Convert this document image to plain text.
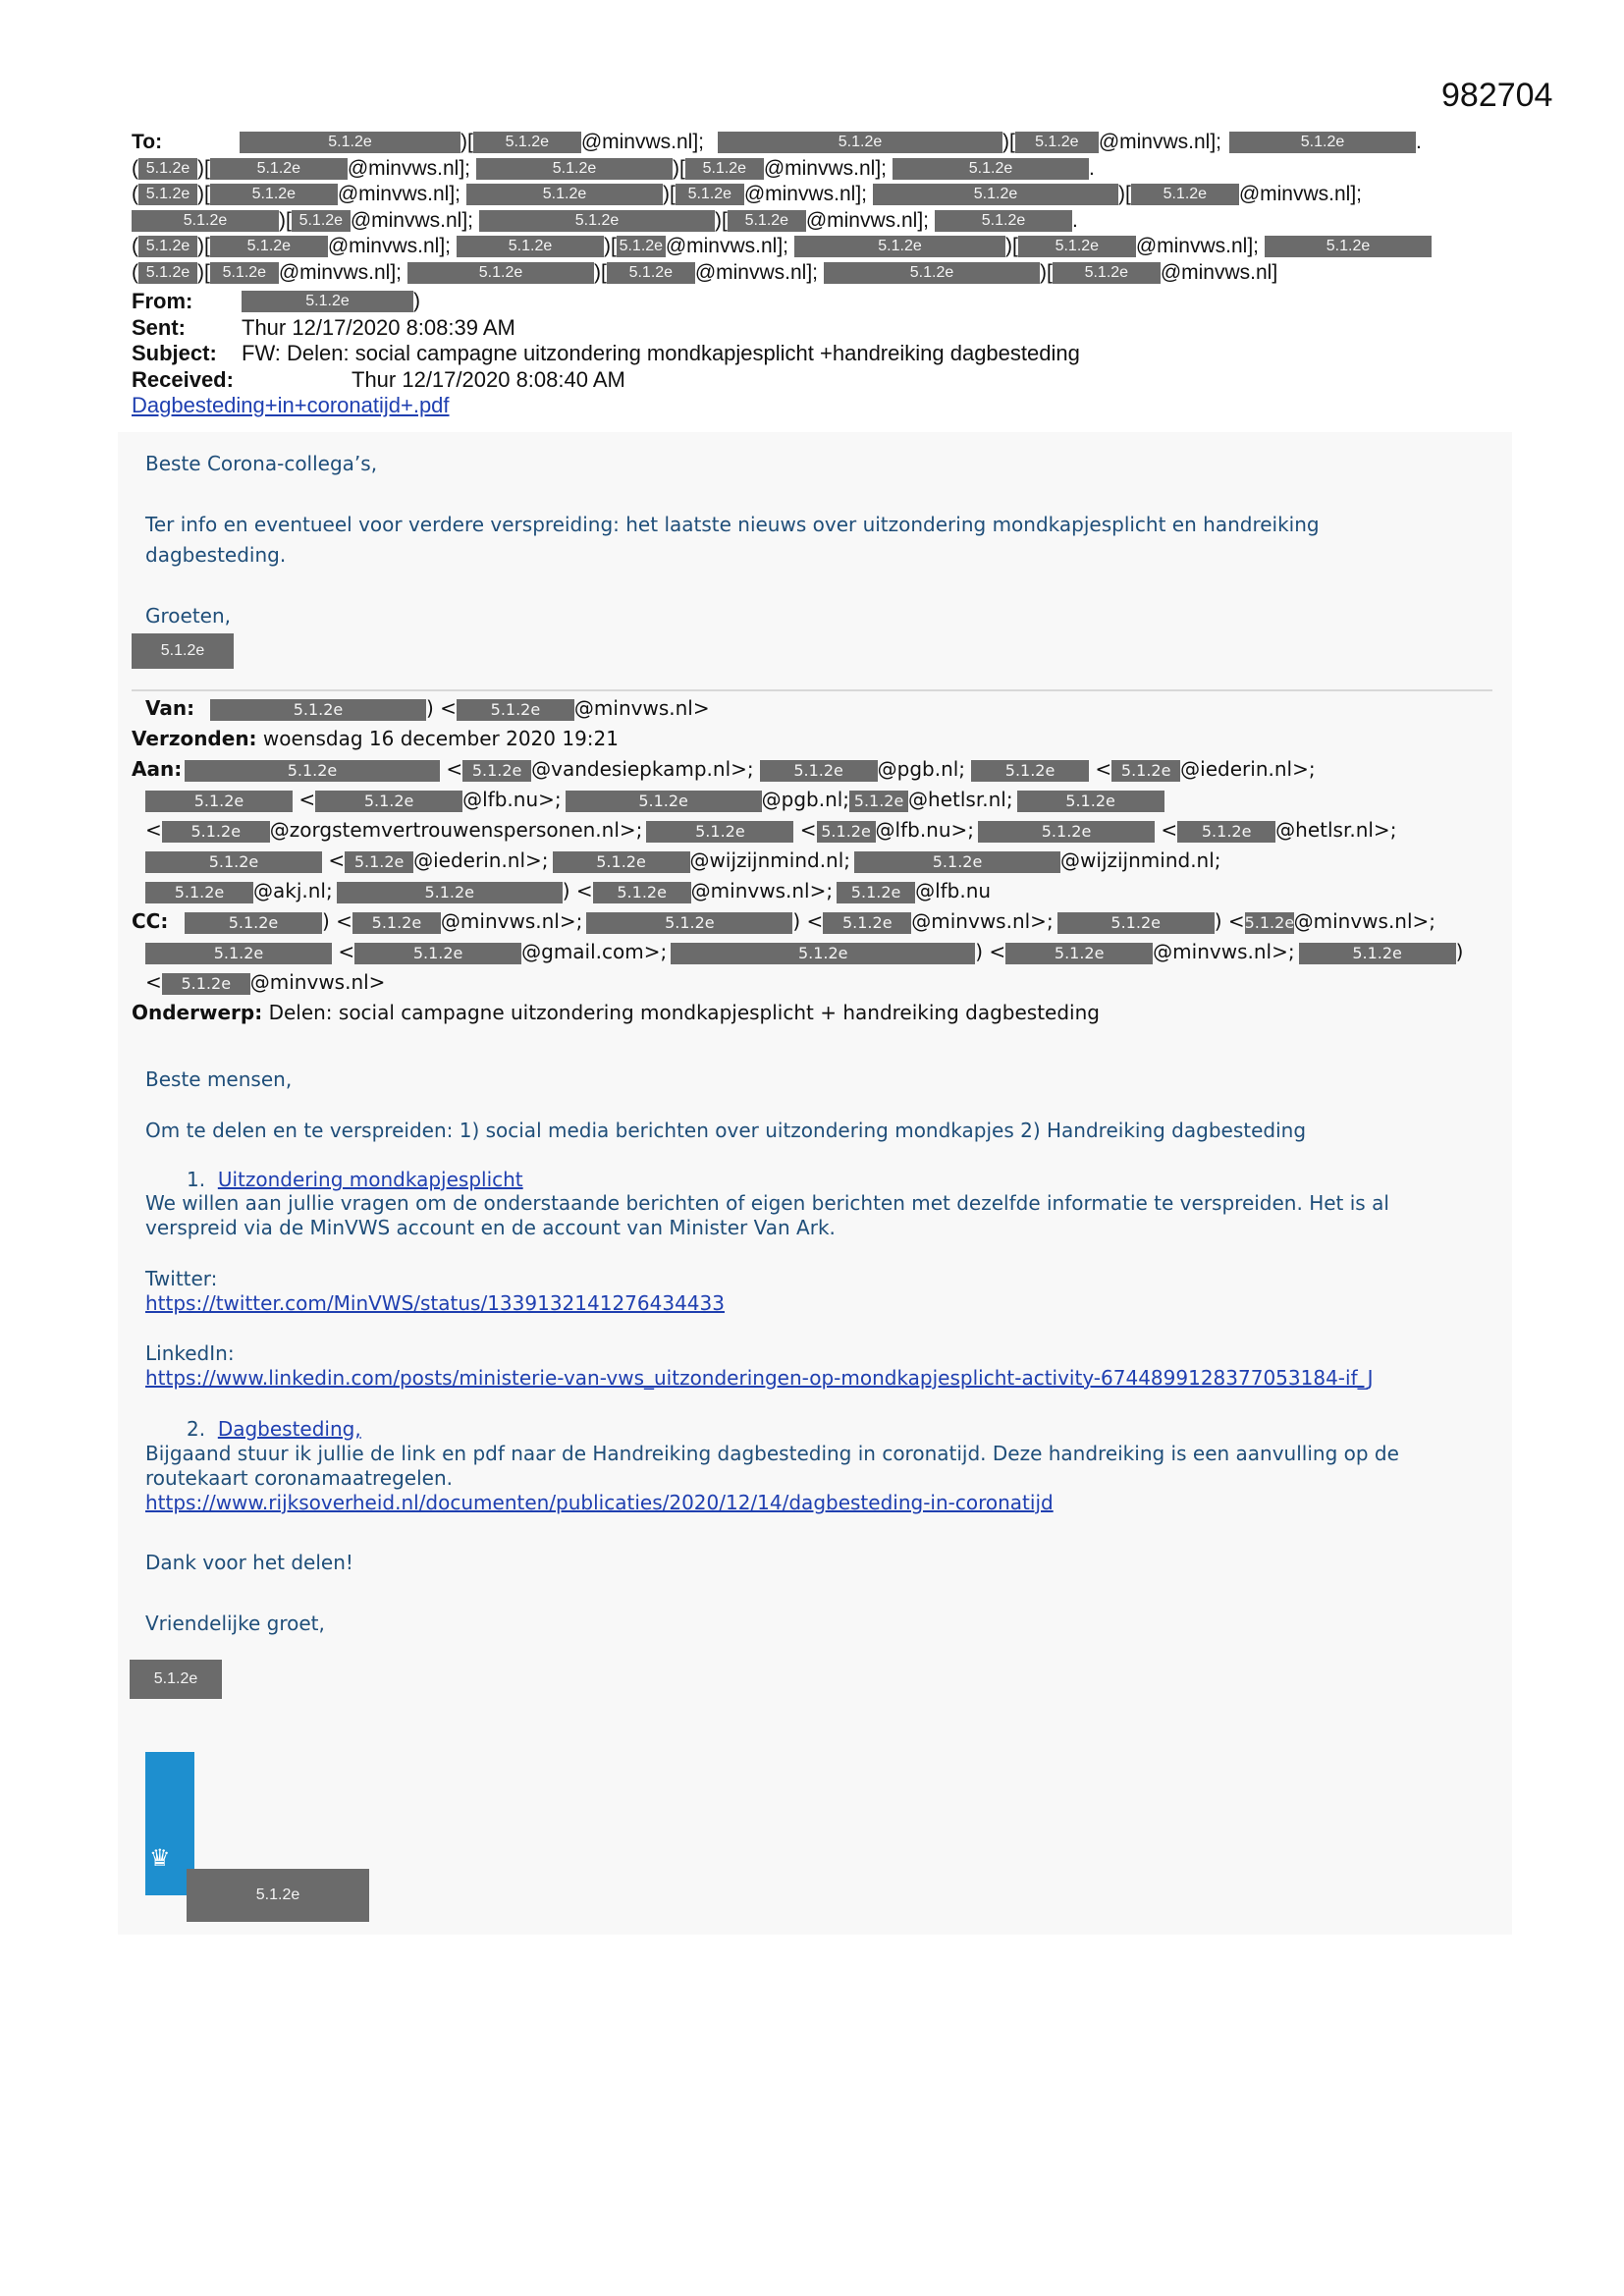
982704
To:	5.1.2e	)[ 5.1.2e @minvws.nl];	5.1.2e	)[ 5.1.2e @minvws.nl];	5.1.2e	.
( 5.1.2e )[	5.1.2e @minvws.nl];	5.1.2e	)[ 5.1.2e @minvws.nl];	5.1.2e	.
( 5.1.2e )[	5.1.2e @minvws.nl];	5.1.2e	)[ 5.1.2e @minvws.nl];	5.1.2e	)[ 5.1.2e @minvws.nl];
5.1.2e	)[ 5.1.2e @minvws.nl];	5.1.2e	)[ 5.1.2e @minvws.nl];	5.1.2e .
( 5.1.2e )[ 5.1.2e @minvws.nl];	5.1.2e	)[ 5.1.2e @minvws.nl];	5.1.2e	)[ 5.1.2e @minvws.nl];	5.1.2e
( 5.1.2e )[ 5.1.2e @minvws.nl];	5.1.2e	)[ 5.1.2e @minvws.nl];	5.1.2e	)[ 5.1.2e @minvws.nl]
From:
Sent:	Thur 12/17/2020 8:08:39 AM
Subject: FW: Delen: social campagne uitzondering mondkapjesplicht +handreiking dagbesteding
Received:	Thur 12/17/2020 8:08:40 AM
Dagbesteding+in+coronatijd+.pdf
5.1.2e	)
Beste Corona-collega’s,
Ter info en eventueel voor verdere verspreiding: het laatste nieuws over uitzondering mondkapjesplicht en handreiking
dagbesteding.
Groeten,
5.1.2e
Van:	5.1.2e	) < 5.1.2e @minvws.nl>
Verzonden: woensdag 16 december 2020 19:21
Aan:	5.1.2e	< 5.1.2e @vandesiepkamp.nl>;	5.1.2e @pgb.nl;	5.1.2e < 5.1.2e @iederin.nl>;
5.1.2e <	5.1.2e @lfb.nu>;	5.1.2e	@pgb.nl; 5.1.2e @hetlsr.nl;	5.1.2e
< 5.1.2e @zorgstemvertrouwenspersonen.nl>;	5.1.2e < 5.1.2e @lfb.nu>;	5.1.2e	< 5.1.2e @hetlsr.nl>;
5.1.2e	< 5.1.2e @iederin.nl>;	5.1.2e @wijzijnmind.nl;	5.1.2e	@wijzijnmind.nl;
5.1.2e @akj.nl;	5.1.2e	) < 5.1.2e @minvws.nl>; 5.1.2e @lfb.nu
CC:	5.1.2e ) < 5.1.2e @minvws.nl>;	5.1.2e	) < 5.1.2e @minvws.nl>;	5.1.2e	) <5.1.2e@minvws.nl>;
5.1.2e	<	5.1.2e	@gmail.com>;	5.1.2e	) <	5.1.2e @minvws.nl>;	5.1.2e	)
< 5.1.2e @minvws.nl>
Onderwerp: Delen: social campagne uitzondering mondkapjesplicht + handreiking dagbesteding
Beste mensen,
Om te delen en te verspreiden: 1) social media berichten over uitzondering mondkapjes 2) Handreiking dagbesteding
1. Uitzondering mondkapjesplicht
We willen aan jullie vragen om de onderstaande berichten of eigen berichten met dezelfde informatie te verspreiden. Het is al
verspreid via de MinVWS account en de account van Minister Van Ark.
Twitter:
https://twitter.com/MinVWS/status/1339132141276434433
LinkedIn:
https://www.linkedin.com/posts/ministerie-van-vws_uitzonderingen-op-mondkapjesplicht-activity-6744899128377053184-if_J
2. Dagbesteding,
Bijgaand stuur ik jullie de link en pdf naar de Handreiking dagbesteding in coronatijd. Deze handreiking is een aanvulling op de
routekaart coronamaatregelen.
https://www.rijksoverheid.nl/documenten/publicaties/2020/12/14/dagbesteding-in-coronatijd
Dank voor het delen!
Vriendelijke groet,
5.1.2e
♛
5.1.2e
